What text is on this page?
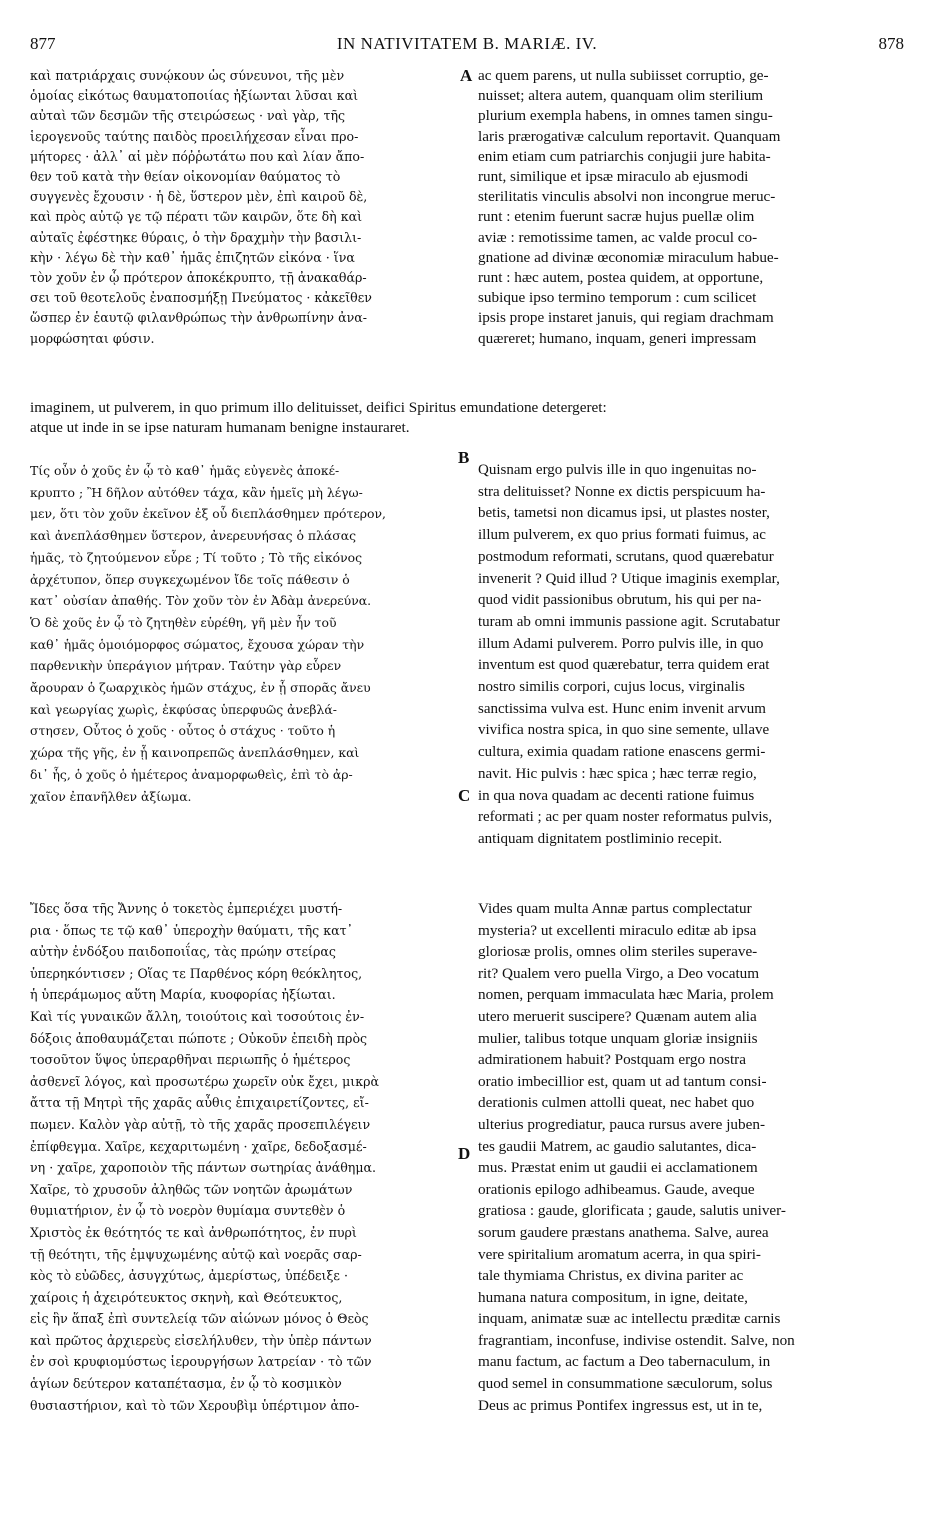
877	IN NATIVITATEM B. MARIÆ. IV.	878
καὶ πατριάρχαις συνῴκουν ὡς σύνευνοι, τῆς μὲν
ὁμοίας εἰκότως θαυματοποιίας ἠξίωνται λῦσαι καὶ
αὐταὶ τῶν δεσμῶν τῆς στειρώσεως · ναὶ γὰρ, τῆς
ἱερογενοῦς ταύτης παιδὸς προειλήχεσαν εἶναι προ-
μήτορες · ἀλλ᾽ αἱ μὲν πόῤῥωτάτω που καὶ λίαν ἄπο-
θεν τοῦ κατὰ τὴν θείαν οἰκονομίαν θαύματος τὸ
συγγενὲς ἔχουσιν · ἡ δὲ, ὕστερον μὲν, ἐπὶ καιροῦ δὲ,
καὶ πρὸς αὐτῷ γε τῷ πέρατι τῶν καιρῶν, ὅτε δὴ καὶ
αὐταῖς ἐφέστηκε θύραις, ὁ τὴν δραχμὴν τὴν βασιλι-
κὴν · λέγω δὲ τὴν καθ᾽ ἡμᾶς ἐπιζητῶν εἰκόνα · ἵνα
τὸν χοῦν ἐν ᾧ πρότερον ἀποκέκρυπτο, τῇ ἀνακαθάρ-
σει τοῦ θεοτελοῦς ἐναποσμήξῃ Πνεύματος · κἀκεῖθεν
ὥσπερ ἐν ἑαυτῷ φιλανθρώπως τὴν ἀνθρωπίνην ἀνα-
μορφώσηται φύσιν.
A ac quem parens, ut nulla subiisset corruptio, ge-
nuisset; altera autem, quanquam olim sterilium
plurium exempla habens, in omnes tamen singu-
laris prærogativæ calculum reportavit. Quanquam
enim etiam cum patriarchis conjugii jure habita-
runt, similique et ipsæ miraculo ab ejusmodi
sterilitatis vinculis absolvi non incongrue meruc-
runt : etenim fuerunt sacræ hujus puellæ olim
aviæ : remotissime tamen, ac valde procul co-
gnatione ad divinæ œconomiæ miraculum habue-
runt : hæc autem, postea quidem, at opportune,
subique ipso termino temporum : cum scilicet
ipsis prope instaret januis, qui regiam drachmam
quæreret; humano, inquam, generi impressam
imaginem, ut pulverem, in quo primum illo delituisset, deifici Spiritus emundatione detergeret:
atque ut inde in se ipse naturam humanam benigne instauraret.
B
Τίς οὖν ὁ χοῦς ἐν ᾧ τὸ καθ᾽ ἡμᾶς εὐγενὲς ἀποκέ-
κρυπτο ; Ἢ δῆλον αὐτόθεν τάχα, κἂν ἡμεῖς μὴ λέγω-
μεν, ὅτι τὸν χοῦν ἐκεῖνον ἐξ οὗ διεπλάσθημεν πρότερον,
καὶ ἀνεπλάσθημεν ὕστερον, ἀνερευνήσας ὁ πλάσας
ἡμᾶς, τὸ ζητούμενον εὗρε ; Τί τοῦτο ; Τὸ τῆς εἰκόνος
ἀρχέτυπον, ὅπερ συγκεχωμένον ἴδε τοῖς πάθεσιν ὁ
κατ᾽ οὐσίαν ἀπαθής. Τὸν χοῦν τὸν ἐν Ἀδὰμ ἀνερεύνα.
Ὁ δὲ χοῦς ἐν ᾧ τὸ ζητηθὲν εὑρέθη, γῆ μὲν ἦν τοῦ
καθ᾽ ἡμᾶς ὁμοιόμορφος σώματος, ἔχουσα χώραν τὴν
παρθενικὴν ὑπεράγιον μήτραν. Ταύτην γὰρ εὗρεν
ἄρουραν ὁ ζωαρχικὸς ἡμῶν στάχυς, ἐν ᾗ σπορᾶς ἄνευ
καὶ γεωργίας χωρὶς, ἐκφύσας ὑπερφυῶς ἀνεβλά-
στησεν, Οὗτος ὁ χοῦς · οὗτος ὁ στάχυς · τοῦτο ἡ
χώρα τῆς γῆς, ἐν ᾗ καινοπρεπῶς ἀνεπλάσθημεν, καὶ
δι᾽ ἧς, ὁ χοῦς ὁ ἡμέτερος ἀναμορφωθεὶς, ἐπὶ τὸ ἀρ-
χαῖον ἐπανῆλθεν ἀξίωμα.
Quisnam ergo pulvis ille in quo ingenuitas no-
stra delituisset? Nonne ex dictis perspicuum ha-
betis, tametsi non dicamus ipsi, ut plastes noster,
illum pulverem, ex quo prius formati fuimus, ac
postmodum reformati, scrutans, quod quærebatur
invenerit ? Quid illud ? Utique imaginis exemplar,
quod vidit passionibus obrutum, his qui per na-
turam ab omni immunis passione agit. Scrutabatur
illum Adami pulverem. Porro pulvis ille, in quo
inventum est quod quærebatur, terra quidem erat
nostro similis corpori, cujus locus, virginalis
sanctissima vulva est. Hunc enim invenit arvum
vivifica nostra spica, in quo sine semente, ullave
cultura, eximia quadam ratione enascens germi-
navit. Hic pulvis : hæc spica ; hæc terræ regio,
in qua nova quadam ac decenti ratione fuimus
reformati ; ac per quam noster reformatus pulvis,
antiquam dignitatem postliminio recepit.
C
Ἴδες ὅσα τῆς Ἄννης ὁ τοκετὸς ἐμπεριέχει μυστή-
ρια · ὅπως τε τῷ καθ᾽ ὑπεροχὴν θαύματι, τῆς κατ᾽
αὐτὴν ἐνδόξου παιδοποιΐας, τὰς πρώην στείρας
ὑπερηκόντισεν ; Οἵας τε Παρθένος κόρη θεόκλητος,
ἡ ὑπεράμωμος αὕτη Μαρία, κυοφορίας ἠξίωται.
Καὶ τίς γυναικῶν ἄλλη, τοιούτοις καὶ τοσούτοις ἐν-
δόξοις ἀποθαυμάζεται πώποτε ; Οὐκοῦν ἐπειδὴ πρὸς
τοσοῦτον ὕψος ὑπεραρθῆναι περιωπῆς ὁ ἡμέτερος
ἀσθενεῖ λόγος, καὶ προσωτέρω χωρεῖν οὐκ ἔχει, μικρὰ
ἄττα τῇ Μητρὶ τῆς χαρᾶς αὖθις ἐπιχαιρετίζοντες, εἴ-
πωμεν. Καλὸν γὰρ αὐτῇ, τὸ τῆς χαρᾶς προσεπιλέγειν
ἐπίφθεγμα. Χαῖρε, κεχαριτωμένη · χαῖρε, δεδοξασμέ-
νη · χαῖρε, χαροποιὸν τῆς πάντων σωτηρίας ἀνάθημα.
Χαῖρε, τὸ χρυσοῦν ἀληθῶς τῶν νοητῶν ἀρωμάτων
θυμιατήριον, ἐν ᾧ τὸ νοερὸν θυμίαμα συντεθὲν ὁ
Χριστὸς ἐκ θεότητός τε καὶ ἀνθρωπότητος, ἐν πυρὶ
τῇ θεότητι, τῆς ἐμψυχωμένης αὐτῷ καὶ νοερᾶς σαρ-
κὸς τὸ εὐῶδες, ἀσυγχύτως, ἀμερίστως, ὑπέδειξε ·
χαίροις ἡ ἀχειρότευκτος σκηνὴ, καὶ Θεότευκτος,
εἰς ἣν ἅπαξ ἐπὶ συντελείᾳ τῶν αἰώνων μόνος ὁ Θεὸς
καὶ πρῶτος ἀρχιερεὺς εἰσελήλυθεν, τὴν ὑπὲρ πάντων
ἐν σοὶ κρυφιομύστως ἱερουργήσων λατρείαν · τὸ τῶν
ἁγίων δεύτερον καταπέτασμα, ἐν ᾧ τὸ κοσμικὸν
θυσιαστήριον, καὶ τὸ τῶν Χερουβὶμ ὑπέρτιμον ἀπο-
Vides quam multa Annæ partus complectatur
mysteria? ut excellenti miraculo editæ ab ipsa
gloriosæ prolis, omnes olim steriles superave-
rit? Qualem vero puella Virgo, a Deo vocatum
nomen, perquam immaculata hæc Maria, prolem
utero meruerit suscipere? Quænam autem alia
mulier, talibus totque unquam gloriæ insigniis
admirationem habuit? Postquam ergo nostra
oratio imbecillior est, quam ut ad tantum consi-
derationis culmen attolli queat, nec habet quo
ulterius progrediatur, pauca rursus avere juben-
tes gaudii Matrem, ac gaudio salutantes, dica-
mus. Præstat enim ut gaudii ei acclamationem
orationis epilogo adhibeamus. Gaude, aveque
gratiosa : gaude, glorificata ; gaude, salutis univer-
sorum gaudere præstans anathema. Salve, aurea
vere spiritalium aromatum acerra, in qua spiri-
tale thymiama Christus, ex divina pariter ac
humana natura compositum, in igne, deitate,
inquam, animatæ suæ ac intellectu præditæ carnis
fragrantiam, inconfuse, indivise ostendit. Salve, non
manu factum, ac factum a Deo tabernaculum, in
quod semel in consummatione sæculorum, solus
Deus ac primus Pontifex ingressus est, ut in te,
D
